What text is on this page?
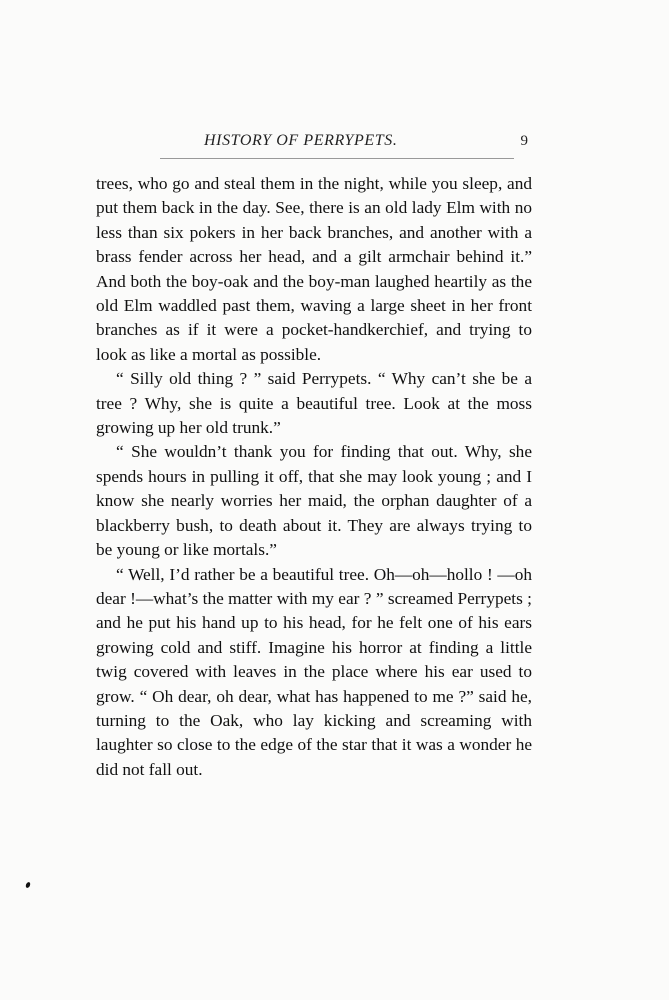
HISTORY OF PERRYPETS.	9

trees, who go and steal them in the night, while you sleep, and put them back in the day. See, there is an old lady Elm with no less than six pokers in her back branches, and another with a brass fender across her head, and a gilt armchair behind it.” And both the boy-oak and the boy-man laughed heartily as the old Elm waddled past them, waving a large sheet in her front branches as if it were a pocket-handkerchief, and trying to look as like a mortal as possible.

“ Silly old thing ? ” said Perrypets. “ Why can’t she be a tree ? Why, she is quite a beautiful tree. Look at the moss growing up her old trunk.”

“ She wouldn’t thank you for finding that out. Why, she spends hours in pulling it off, that she may look young ; and I know she nearly worries her maid, the orphan daughter of a blackberry bush, to death about it. They are always trying to be young or like mortals.”

“ Well, I’d rather be a beautiful tree. Oh—oh—hollo ! —oh dear !—what’s the matter with my ear ? ” screamed Perrypets ; and he put his hand up to his head, for he felt one of his ears growing cold and stiff. Imagine his horror at finding a little twig covered with leaves in the place where his ear used to grow. “ Oh dear, oh dear, what has happened to me ?” said he, turning to the Oak, who lay kicking and screaming with laughter so close to the edge of the star that it was a wonder he did not fall out.
